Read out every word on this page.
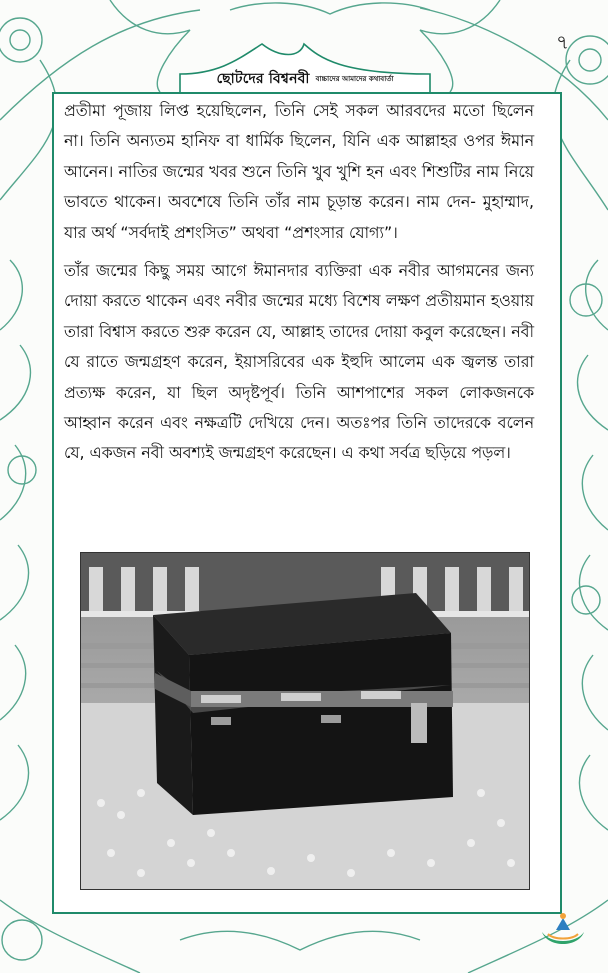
ছোটদের বিশ্বনবী বাচ্চাদের আমাদের কথাবার্তা
৭

প্রতীমা পূজায় লিপ্ত হয়েছিলেন, তিনি সেই সকল আরবদের মতো ছিলেন না। তিনি অন্যতম হানিফ বা ধার্মিক ছিলেন, যিনি এক আল্লাহর ওপর ঈমান আনেন। নাতির জন্মের খবর শুনে তিনি খুব খুশি হন এবং শিশুটির নাম নিয়ে ভাবতে থাকেন। অবশেষে তিনি তাঁর নাম চূড়ান্ত করেন। নাম দেন- মুহাম্মাদ, যার অর্থ “সর্বদাই প্রশংসিত” অথবা “প্রশংসার যোগ্য”।

তাঁর জন্মের কিছু সময় আগে ঈমানদার ব্যক্তিরা এক নবীর আগমনের জন্য দোয়া করতে থাকেন এবং নবীর জন্মের মধ্যে বিশেষ লক্ষণ প্রতীয়মান হওয়ায় তারা বিশ্বাস করতে শুরু করেন যে, আল্লাহ তাদের দোয়া কবুল করেছেন। নবী যে রাতে জন্মগ্রহণ করেন, ইয়াসরিবের এক ইহুদি আলেম এক জ্বলন্ত তারা প্রত্যক্ষ করেন, যা ছিল অদৃষ্টপূর্ব। তিনি আশপাশের সকল লোকজনকে আহ্বান করেন এবং নক্ষত্রটি দেখিয়ে দেন। অতঃপর তিনি তাদেরকে বলেন যে, একজন নবী অবশ্যই জন্মগ্রহণ করেছেন। এ কথা সর্বত্র ছড়িয়ে পড়ল।
